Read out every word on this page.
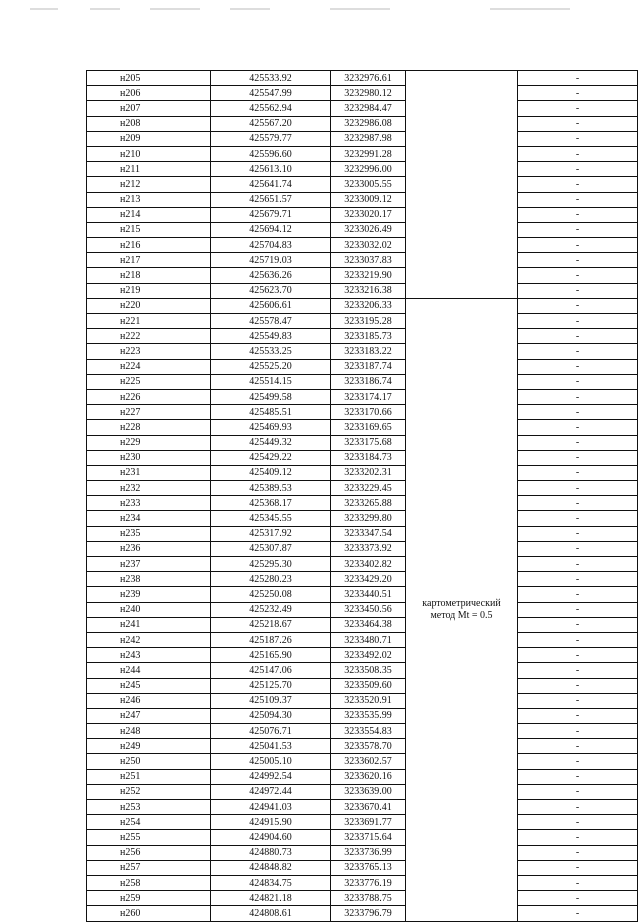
н205	425533.92	3232976.61		-
н206	425547.99	3232980.12		-
н207	425562.94	3232984.47		-
н208	425567.20	3232986.08		-
н209	425579.77	3232987.98		-
н210	425596.60	3232991.28		-
н211	425613.10	3232996.00		-
н212	425641.74	3233005.55		-
н213	425651.57	3233009.12		-
н214	425679.71	3233020.17		-
н215	425694.12	3233026.49		-
н216	425704.83	3233032.02		-
н217	425719.03	3233037.83		-
н218	425636.26	3233219.90		-
н219	425623.70	3233216.38		-
н220	425606.61	3233206.33	картометрический метод Mt = 0.5	-
н221	425578.47	3233195.28		-
н222	425549.83	3233185.73		-
н223	425533.25	3233183.22		-
н224	425525.20	3233187.74		-
н225	425514.15	3233186.74		-
н226	425499.58	3233174.17		-
н227	425485.51	3233170.66		-
н228	425469.93	3233169.65		-
н229	425449.32	3233175.68		-
н230	425429.22	3233184.73		-
н231	425409.12	3233202.31		-
н232	425389.53	3233229.45		-
н233	425368.17	3233265.88		-
н234	425345.55	3233299.80		-
н235	425317.92	3233347.54		-
н236	425307.87	3233373.92		-
н237	425295.30	3233402.82		-
н238	425280.23	3233429.20		-
н239	425250.08	3233440.51		-
н240	425232.49	3233450.56		-
н241	425218.67	3233464.38		-
н242	425187.26	3233480.71		-
н243	425165.90	3233492.02		-
н244	425147.06	3233508.35		-
н245	425125.70	3233509.60		-
н246	425109.37	3233520.91		-
н247	425094.30	3233535.99		-
н248	425076.71	3233554.83		-
н249	425041.53	3233578.70		-
н250	425005.10	3233602.57		-
н251	424992.54	3233620.16		-
н252	424972.44	3233639.00		-
н253	424941.03	3233670.41		-
н254	424915.90	3233691.77		-
н255	424904.60	3233715.64		-
н256	424880.73	3233736.99		-
н257	424848.82	3233765.13		-
н258	424834.75	3233776.19		-
н259	424821.18	3233788.75		-
н260	424808.61	3233796.79		-
